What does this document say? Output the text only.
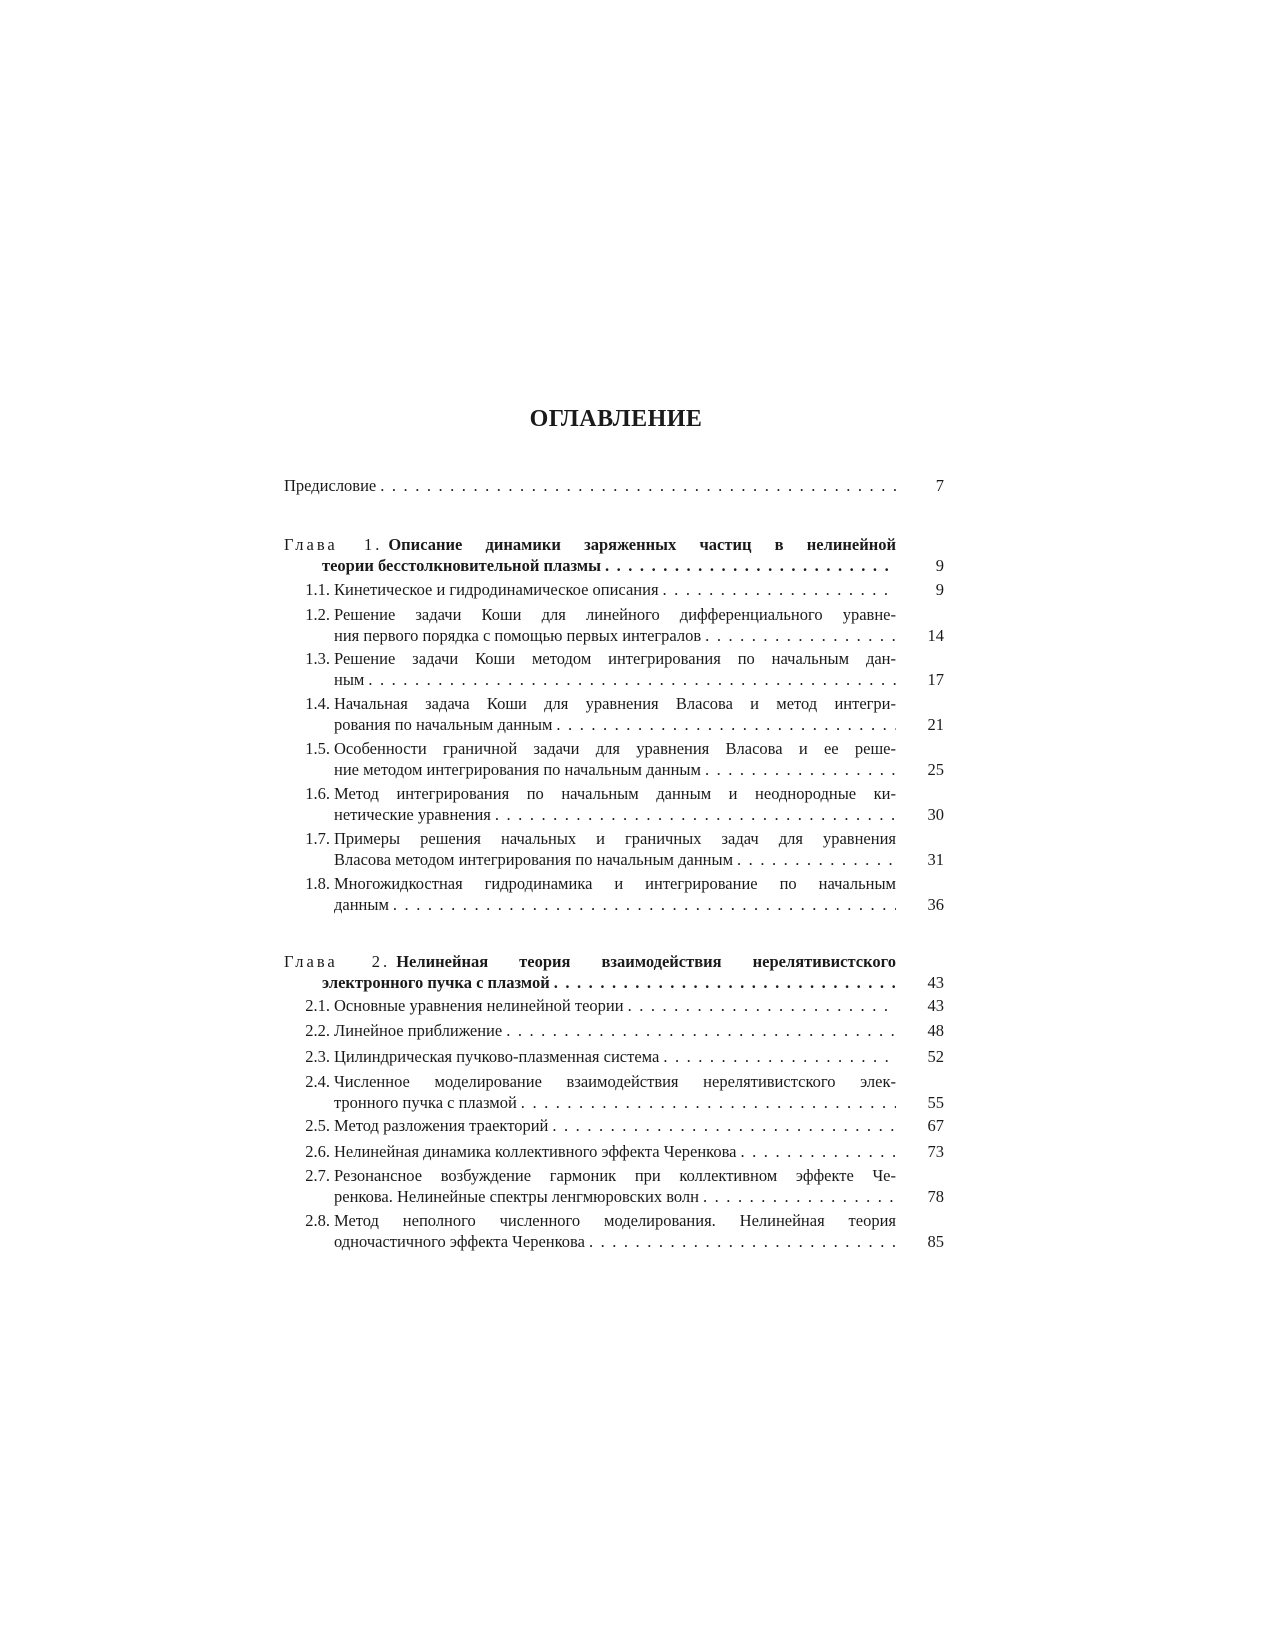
ОГЛАВЛЕНИЕ
Предисловие . . .	7
Глава 1. Описание динамики заряженных частиц в нелинейной
теории бесстолкновительной плазмы . . .	9
1.1. Кинетическое и гидродинамическое описания . . .	9
1.2. Решение задачи Коши для линейного дифференциального уравне-
ния первого порядка с помощью первых интегралов . . .	14
1.3. Решение задачи Коши методом интегрирования по начальным дан-
ным . . .	17
1.4. Начальная задача Коши для уравнения Власова и метод интегри-
рования по начальным данным . . .	21
1.5. Особенности граничной задачи для уравнения Власова и ее реше-
ние методом интегрирования по начальным данным . . .	25
1.6. Метод интегрирования по начальным данным и неоднородные ки-
нетические уравнения . . .	30
1.7. Примеры решения начальных и граничных задач для уравнения
Власова методом интегрирования по начальным данным . . .	31
1.8. Многожидкостная гидродинамика и интегрирование по начальным
данным . . .	36
Глава 2. Нелинейная теория взаимодействия нерелятивистского
электронного пучка с плазмой . . .	43
2.1. Основные уравнения нелинейной теории . . .	43
2.2. Линейное приближение . . .	48
2.3. Цилиндрическая пучково-плазменная система . . .	52
2.4. Численное моделирование взаимодействия нерелятивистского элек-
тронного пучка с плазмой . . .	55
2.5. Метод разложения траекторий . . .	67
2.6. Нелинейная динамика коллективного эффекта Черенкова . . .	73
2.7. Резонансное возбуждение гармоник при коллективном эффекте Че-
ренкова. Нелинейные спектры ленгмюровских волн . . .	78
2.8. Метод неполного численного моделирования. Нелинейная теория
одночастичного эффекта Черенкова . . .	85
